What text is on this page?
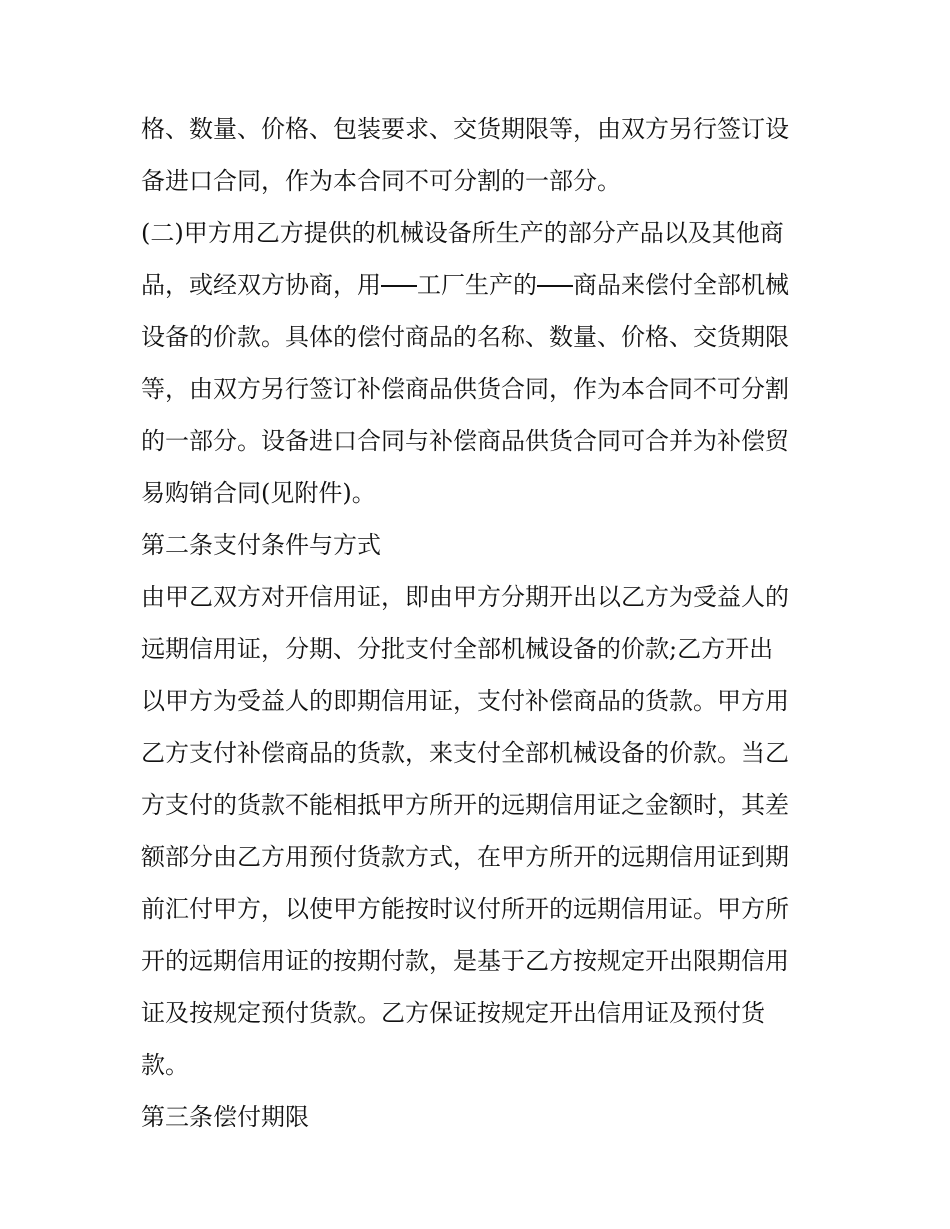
格、数量、价格、包装要求、交货期限等，由双方另行签订设
备进口合同，作为本合同不可分割的一部分。
(二)甲方用乙方提供的机械设备所生产的部分产品以及其他商
品，或经双方协商，用 工厂生产的 商品来偿付全部机械
设备的价款。具体的偿付商品的名称、数量、价格、交货期限
等，由双方另行签订补偿商品供货合同，作为本合同不可分割
的一部分。设备进口合同与补偿商品供货合同可合并为补偿贸
易购销合同(见附件)。
第二条支付条件与方式
由甲乙双方对开信用证，即由甲方分期开出以乙方为受益人的
远期信用证，分期、分批支付全部机械设备的价款;乙方开出
以甲方为受益人的即期信用证，支付补偿商品的货款。甲方用
乙方支付补偿商品的货款，来支付全部机械设备的价款。当乙
方支付的货款不能相抵甲方所开的远期信用证之金额时，其差
额部分由乙方用预付货款方式，在甲方所开的远期信用证到期
前汇付甲方，以使甲方能按时议付所开的远期信用证。甲方所
开的远期信用证的按期付款，是基于乙方按规定开出限期信用
证及按规定预付货款。乙方保证按规定开出信用证及预付货
款。
第三条偿付期限
